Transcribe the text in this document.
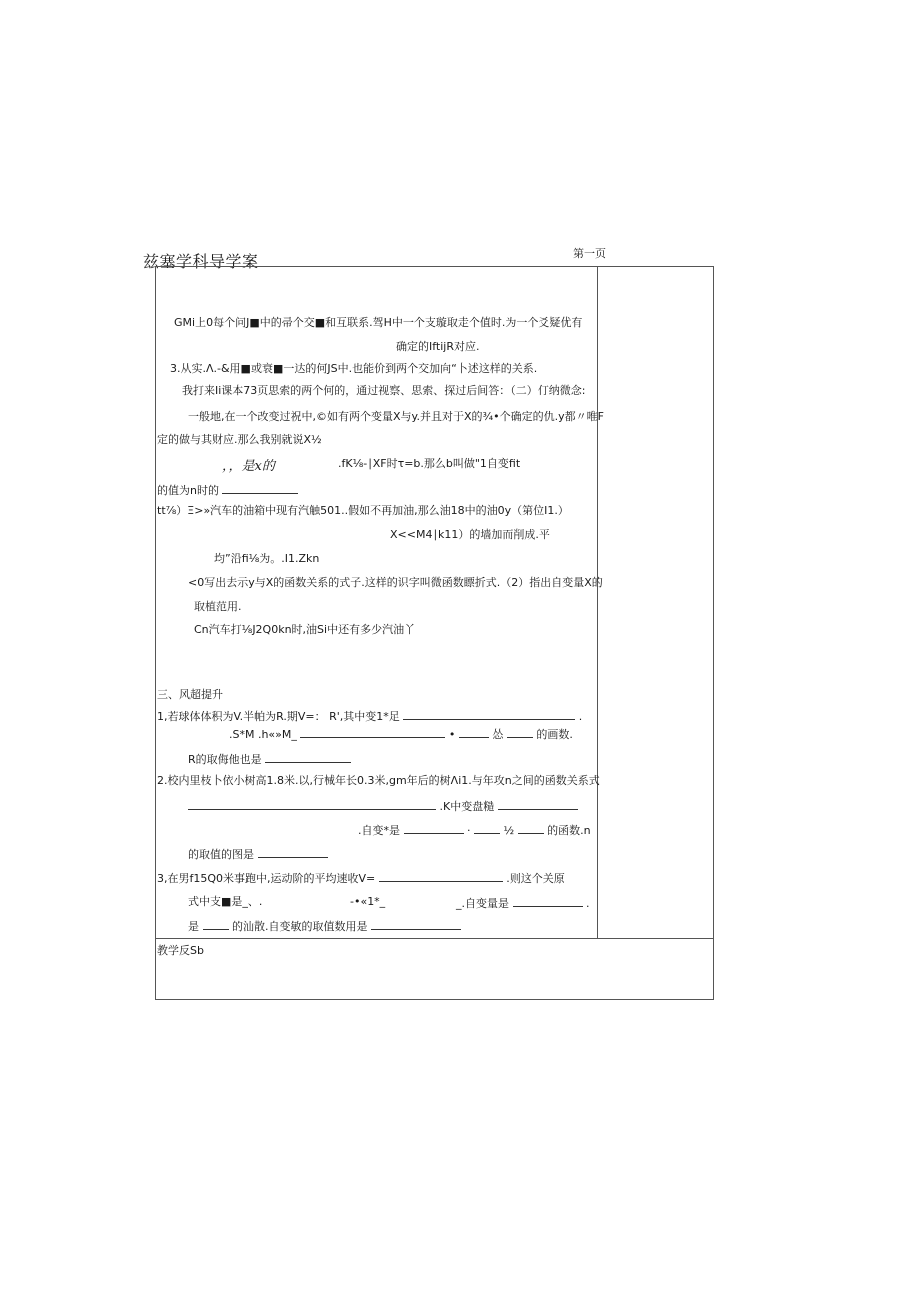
兹塞学科导学案	第一页
GMi上0每个问J■中的帚个交■和互联系.驾H中一个支璇取走个值时.为一个爻疑优有
确定的IftijR对应.
3.从实.Λ.-&用■或衰■一达的何JS中.也能价到两个交加向“卜述这样的关系.
我打来Ii课本73页思索的两个何的，通过视察、思索、探过后间答：（二）仃纳微念:
一般地,在一个改变过祝中,©如有两个变量X与y.并且对于X的¾•个确定的仇.y都〃唯F
定的做与其财应.那么我别就说X½
，，是x的	.fK⅛-∣XF时τ=b.那么b叫做"1自变fit
的值为n时的
tt⅞）Ξ>»汽车的油箱中现有汽触501..假如不再加油,那么油18中的油0y（第位I1.）
X<<M4∣k11）的墙加而削成.平
均”沿fi⅛为。.I1.Zkn
<0写出去示y与X的函数关系的式子.这样的识字叫微函数瞟折式.（2）指出自变量X的
取植范用.
Cn汽车打⅛J2Q0kn时,油Si中还有多少汽油丫
三、风超提升
1,若球体体积为V.半帕为R.期V=： R',其中变1*足	.
.S*M .h«»M_	•	怂	的画数.
R的取侮他也是
2.校内里枝卜依小树高1.8米.以,行械年长0.3米,gm年后的树Λi1.与年攻n之间的函数关系式
.K中变盘糙
.自变*是	·	½	的函数.n
的取值的图是
3,在男f15Q0米事跑中,运动阶的平均速收V=	.则这个关原
式中支■是_、.	-•«1*_	_.自变量是	.
是	的汕散.自变敏的取值数用是
教学反Sb
